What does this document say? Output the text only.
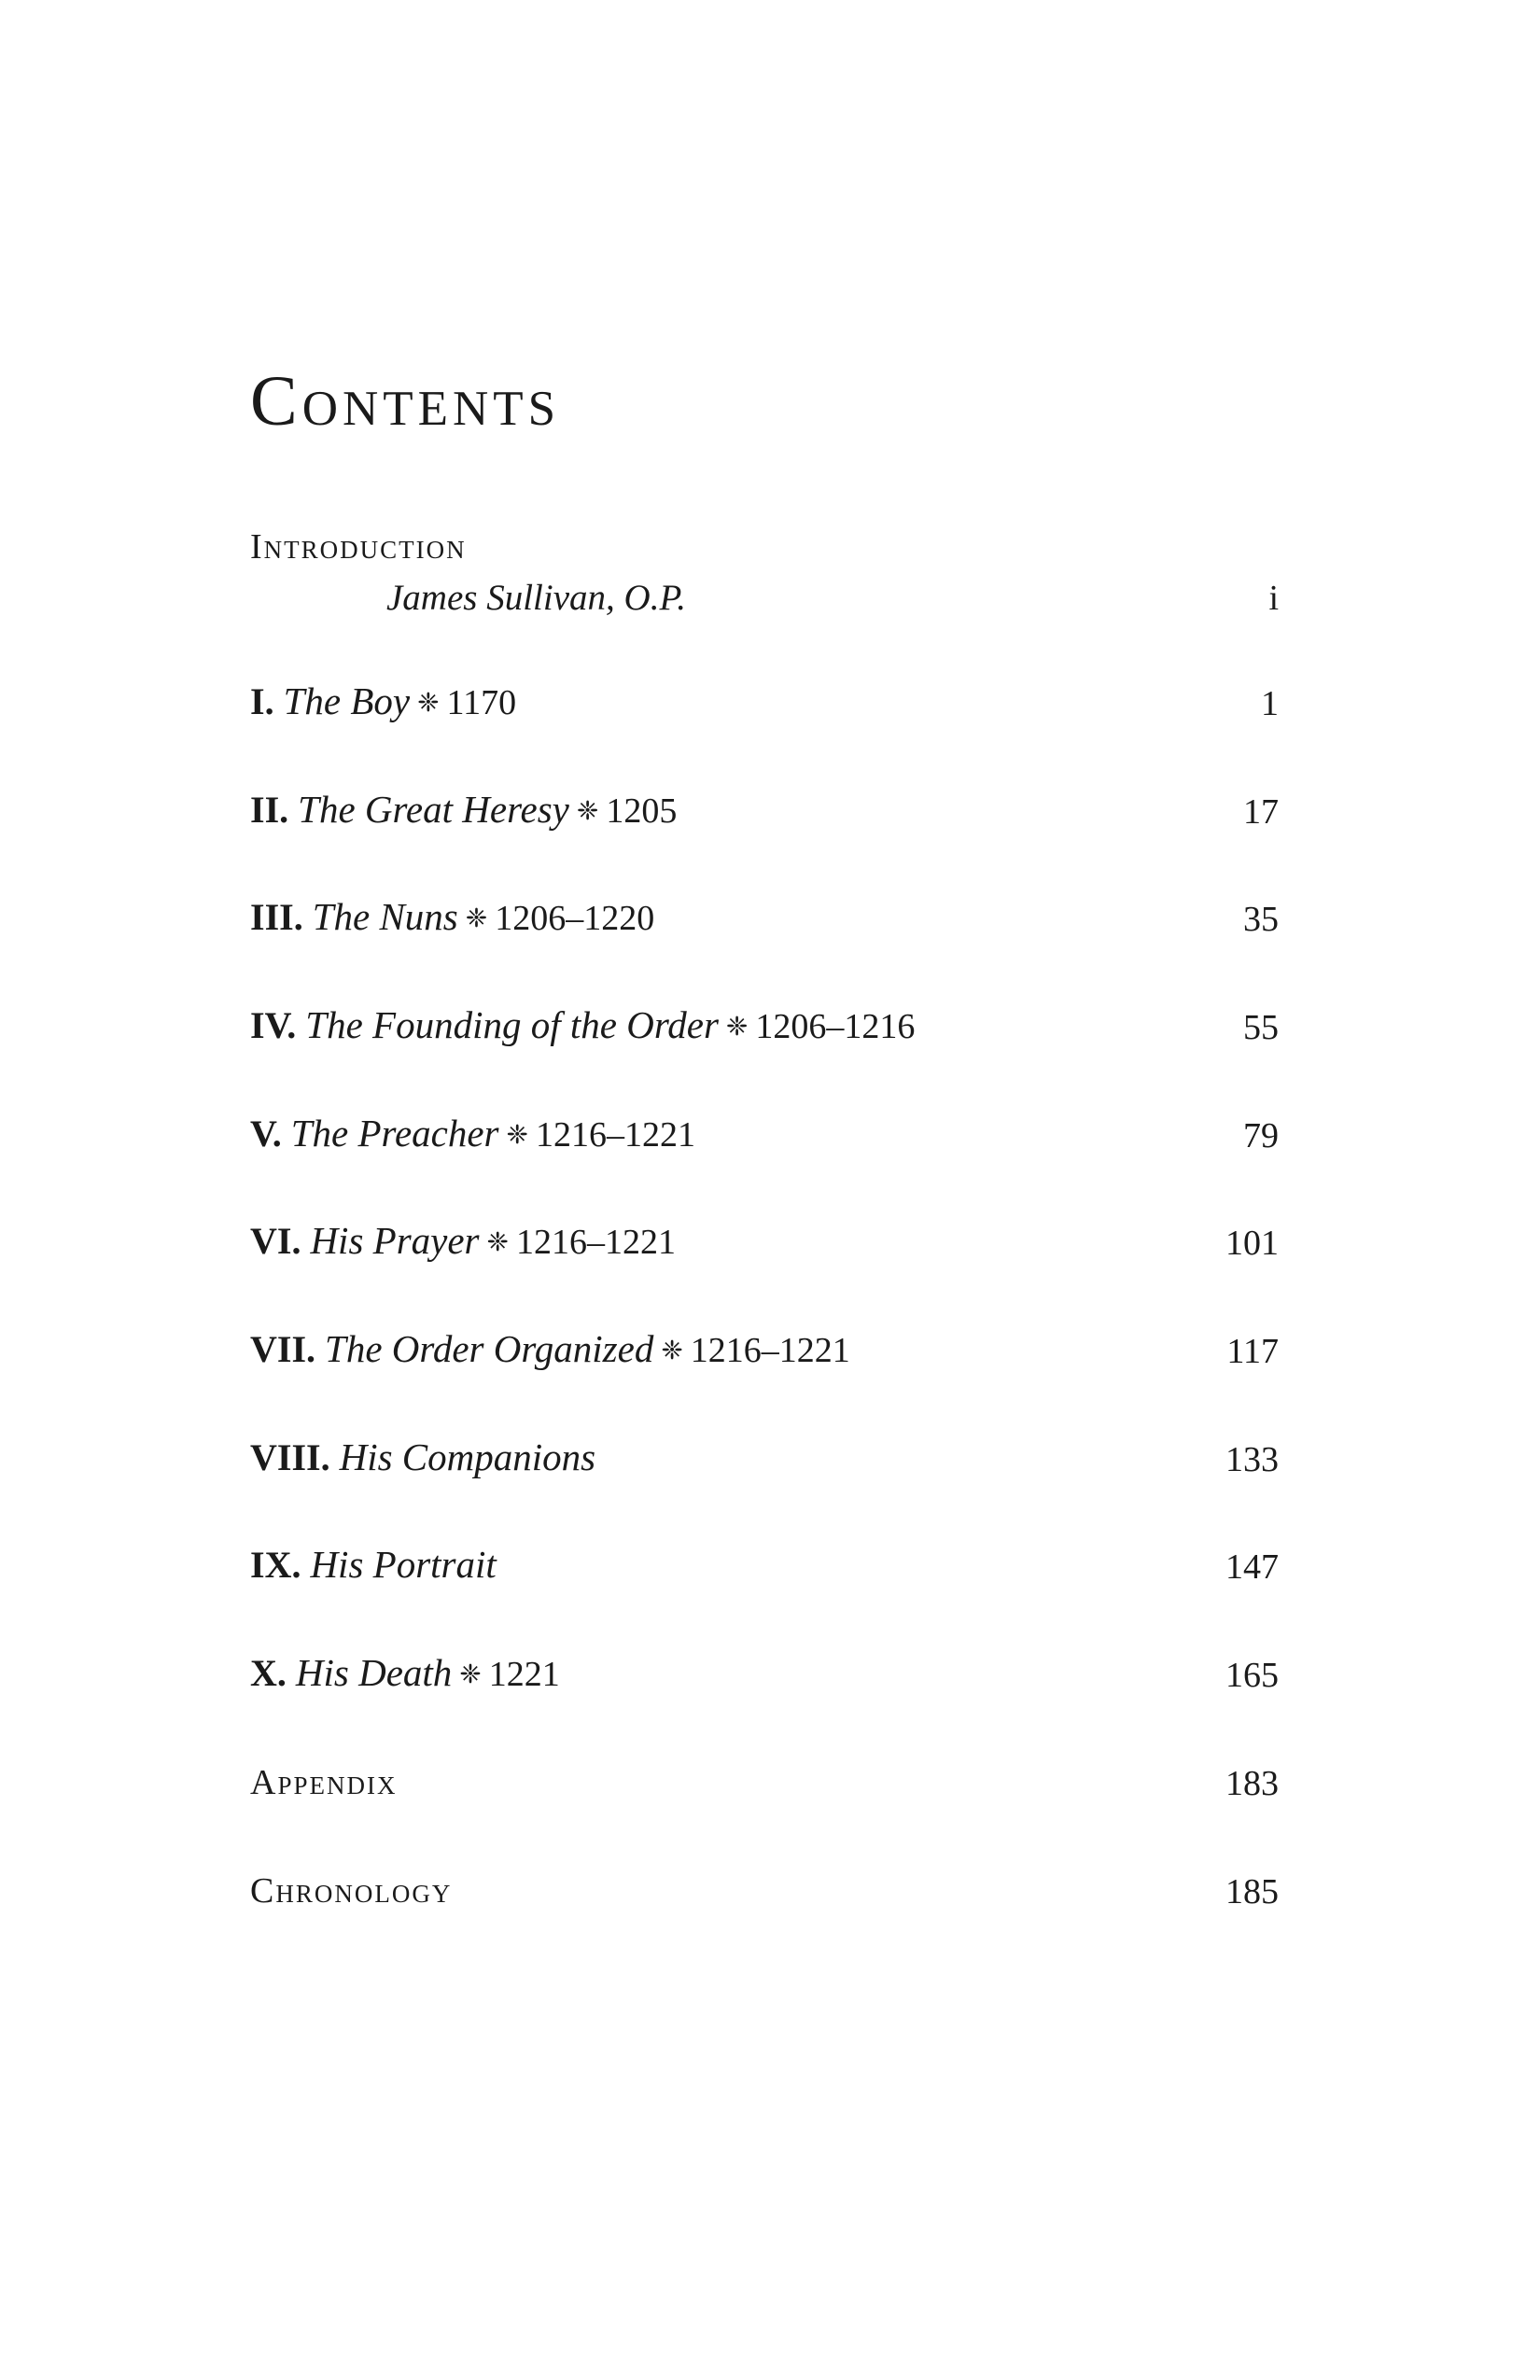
Contents
Introduction
James Sullivan, O.P.	i
I. The Boy ❈ 1170	1
II. The Great Heresy ❈ 1205	17
III. The Nuns ❈ 1206–1220	35
IV. The Founding of the Order ❈ 1206–1216	55
V. The Preacher ❈ 1216–1221	79
VI. His Prayer ❈ 1216–1221	101
VII. The Order Organized ❈ 1216–1221	117
VIII. His Companions	133
IX. His Portrait	147
X. His Death ❈ 1221	165
Appendix	183
Chronology	185
